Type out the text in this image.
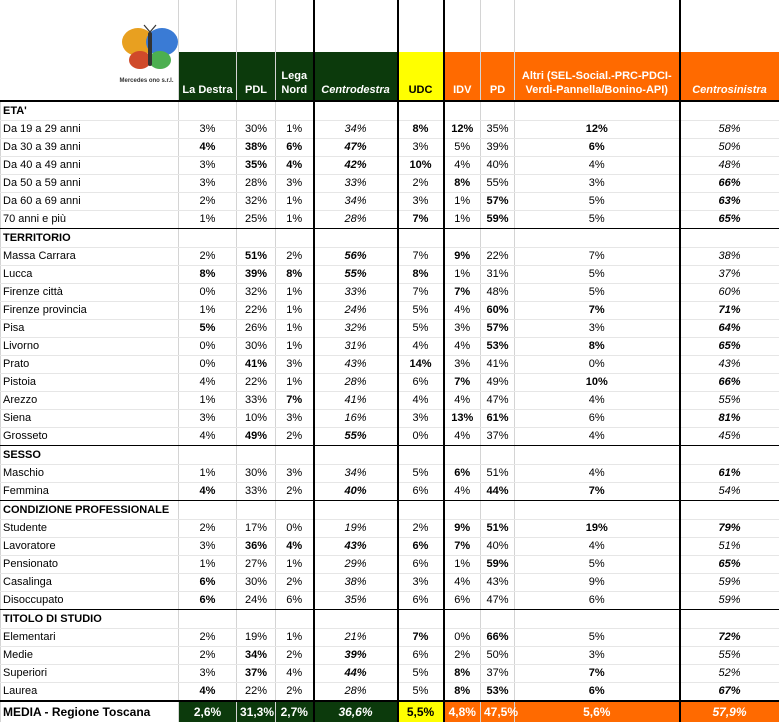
Mercedes ono s.r.l.									

	La Destra	PDL	Lega Nord	Centrodestra	UDC	IDV	PD	Altri (SEL-Social.-PRC-PDCI-Verdi-Pannella/Bonino-API)	Centrosinistra
ETA'									
Da 19 a 29 anni	3%	30%	1%	34%	8%	12%	35%	12%	58%
Da 30 a 39 anni	4%	38%	6%	47%	3%	5%	39%	6%	50%
Da 40 a 49 anni	3%	35%	4%	42%	10%	4%	40%	4%	48%
Da 50 a 59 anni	3%	28%	3%	33%	2%	8%	55%	3%	66%
Da 60 a 69 anni	2%	32%	1%	34%	3%	1%	57%	5%	63%
70 anni e più	1%	25%	1%	28%	7%	1%	59%	5%	65%
TERRITORIO									
Massa Carrara	2%	51%	2%	56%	7%	9%	22%	7%	38%
Lucca	8%	39%	8%	55%	8%	1%	31%	5%	37%
Firenze città	0%	32%	1%	33%	7%	7%	48%	5%	60%
Firenze provincia	1%	22%	1%	24%	5%	4%	60%	7%	71%
Pisa	5%	26%	1%	32%	5%	3%	57%	3%	64%
Livorno	0%	30%	1%	31%	4%	4%	53%	8%	65%
Prato	0%	41%	3%	43%	14%	3%	41%	0%	43%
Pistoia	4%	22%	1%	28%	6%	7%	49%	10%	66%
Arezzo	1%	33%	7%	41%	4%	4%	47%	4%	55%
Siena	3%	10%	3%	16%	3%	13%	61%	6%	81%
Grosseto	4%	49%	2%	55%	0%	4%	37%	4%	45%
SESSO									
Maschio	1%	30%	3%	34%	5%	6%	51%	4%	61%
Femmina	4%	33%	2%	40%	6%	4%	44%	7%	54%
CONDIZIONE PROFESSIONALE									
Studente	2%	17%	0%	19%	2%	9%	51%	19%	79%
Lavoratore	3%	36%	4%	43%	6%	7%	40%	4%	51%
Pensionato	1%	27%	1%	29%	6%	1%	59%	5%	65%
Casalinga	6%	30%	2%	38%	3%	4%	43%	9%	59%
Disoccupato	6%	24%	6%	35%	6%	6%	47%	6%	59%
TITOLO DI STUDIO									
Elementari	2%	19%	1%	21%	7%	0%	66%	5%	72%
Medie	2%	34%	2%	39%	6%	2%	50%	3%	55%
Superiori	3%	37%	4%	44%	5%	8%	37%	7%	52%
Laurea	4%	22%	2%	28%	5%	8%	53%	6%	67%
MEDIA - Regione Toscana	2,6%	31,3%	2,7%	36,6%	5,5%	4,8%	47,5%	5,6%	57,9%
